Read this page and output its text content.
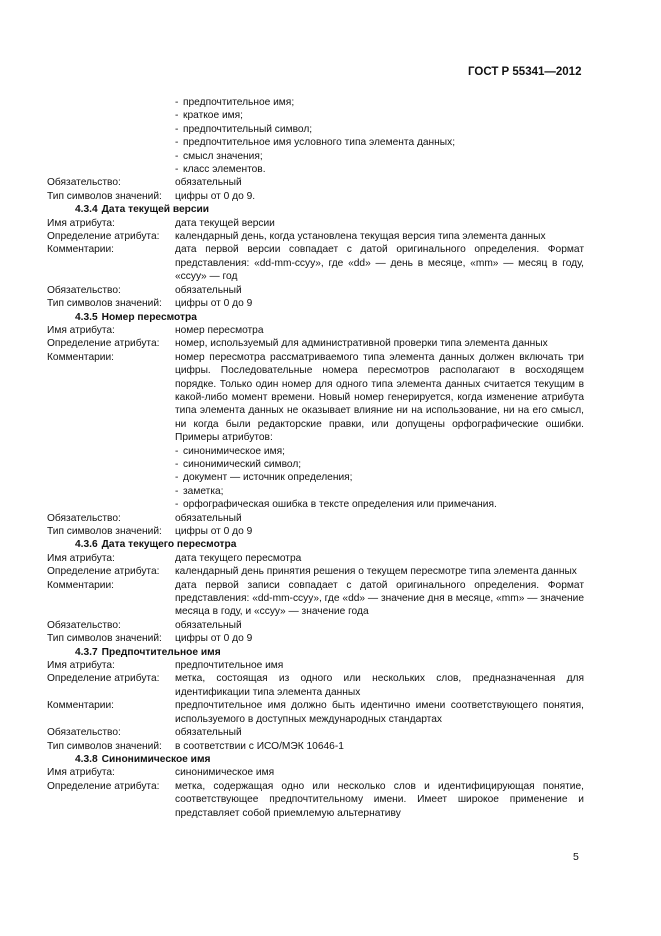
ГОСТ Р 55341—2012
- предпочтительное имя;
- краткое имя;
- предпочтительный символ;
- предпочтительное имя условного типа элемента данных;
- смысл значения;
- класс элементов.
Обязательство:	обязательный
Тип символов значений:	цифры от 0 до 9.
4.3.4 Дата текущей версии
Имя атрибута:	дата текущей версии
Определение атрибута:	календарный день, когда установлена текущая версия типа элемента данных
Комментарии:	дата первой версии совпадает с датой оригинального определения. Формат представления: «dd-mm-ccyy», где «dd» — день в месяце, «mm» — месяц в году, «ccyy» — год
Обязательство:	обязательный
Тип символов значений:	цифры от 0 до 9
4.3.5 Номер пересмотра
Имя атрибута:	номер пересмотра
Определение атрибута:	номер, используемый для административной проверки типа элемента данных
Комментарии:	номер пересмотра рассматриваемого типа элемента данных должен включать три цифры. Последовательные номера пересмотров располагают в восходящем порядке. Только один номер для одного типа элемента данных считается текущим в какой-либо момент времени. Новый номер генерируется, когда изменение атрибута типа элемента данных не оказывает влияние ни на использование, ни на его смысл, ни когда были редакторские правки, или допущены орфографические ошибки. Примеры атрибутов:
- синонимическое имя;
- синонимический символ;
- документ — источник определения;
- заметка;
- орфографическая ошибка в тексте определения или примечания.
Обязательство:	обязательный
Тип символов значений:	цифры от 0 до 9
4.3.6 Дата текущего пересмотра
Имя атрибута:	дата текущего пересмотра
Определение атрибута:	календарный день принятия решения о текущем пересмотре типа элемента данных
Комментарии:	дата первой записи совпадает с датой оригинального определения. Формат представления: «dd-mm-ccyy», где «dd» — значение дня в месяце, «mm» — значение месяца в году, и «ccyy» — значение года
Обязательство:	обязательный
Тип символов значений:	цифры от 0 до 9
4.3.7 Предпочтительное имя
Имя атрибута:	предпочтительное имя
Определение атрибута:	метка, состоящая из одного или нескольких слов, предназначенная для идентификации типа элемента данных
Комментарии:	предпочтительное имя должно быть идентично имени соответствующего понятия, используемого в доступных международных стандартах
Обязательство:	обязательный
Тип символов значений:	в соответствии с ИСО/МЭК 10646-1
4.3.8 Синонимическое имя
Имя атрибута:	синонимическое имя
Определение атрибута:	метка, содержащая одно или несколько слов и идентифицирующая понятие, соответствующее предпочтительному имени. Имеет широкое применение и представляет собой приемлемую альтернативу
5
